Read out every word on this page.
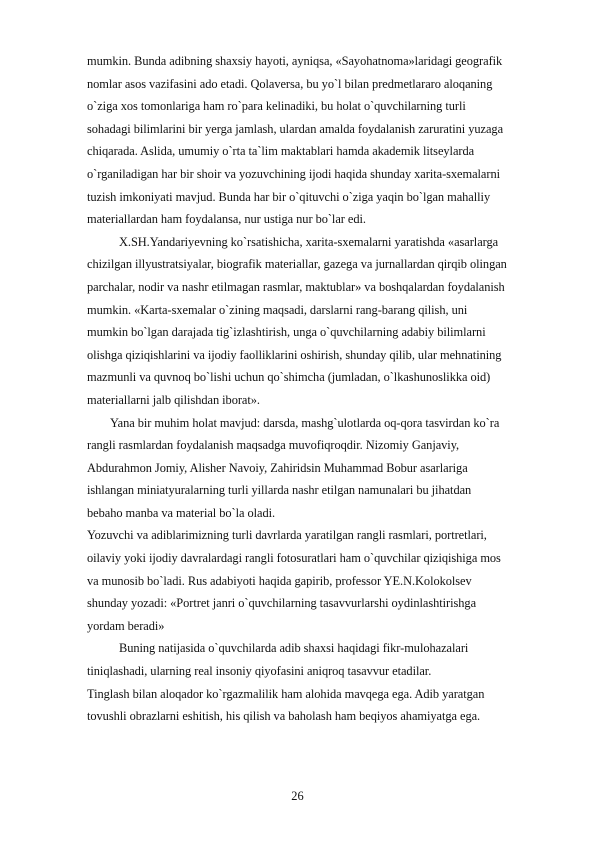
mumkin. Bunda adibning shaxsiy hayoti, ayniqsa, «Sayohatnoma»laridagi geografik
nomlar asos vazifasini ado etadi. Qolaversa, bu yo`l bilan predmetlararo aloqaning
o`ziga xos tomonlariga ham ro`para kelinadiki, bu holat o`quvchilarning turli
sohadagi bilimlarini bir yerga jamlash, ulardan amalda foydalanish zaruratini yuzaga
chiqarada. Aslida, umumiy o`rta ta`lim maktablari hamda akademik litseylarda
o`rganiladigan har bir shoir va yozuvchining ijodi haqida shunday xarita-sxemalarni
tuzish imkoniyati mavjud. Bunda har bir o`qituvchi o`ziga yaqin bo`lgan mahalliy
materiallardan ham foydalansa, nur ustiga nur bo`lar edi.
X.SH.Yandariyevning ko`rsatishicha, xarita-sxemalarni yaratishda «asarlarga
chizilgan illyustratsiyalar, biografik materiallar, gazega va jurnallardan qirqib olingan
parchalar, nodir va nashr etilmagan rasmlar, maktublar» va boshqalardan foydalanish
mumkin. «Karta-sxemalar o`zining maqsadi, darslarni rang-barang qilish, uni
mumkin bo`lgan darajada tig`izlashtirish, unga o`quvchilarning adabiy bilimlarni
olishga qiziqishlarini va ijodiy faolliklarini oshirish, shunday qilib, ular mehnatining
mazmunli va quvnoq bo`lishi uchun qo`shimcha (jumladan, o`lkashunoslikka oid)
materiallarni jalb qilishdan iborat».
Yana bir muhim holat mavjud: darsda, mashg`ulotlarda oq-qora tasvirdan ko`ra
rangli rasmlardan foydalanish maqsadga muvofiqroqdir. Nizomiy Ganjaviy,
Abdurahmon Jomiy, Alisher Navoiy, Zahiridsin Muhammad Bobur asarlariga
ishlangan miniatyuralarning turli yillarda nashr etilgan namunalari bu jihatdan
bebaho manba va material bo`la oladi.
Yozuvchi va adiblarimizning turli davrlarda yaratilgan rangli rasmlari, portretlari,
oilaviy yoki ijodiy davralardagi rangli fotosuratlari ham o`quvchilar qiziqishiga mos
va munosib bo`ladi. Rus adabiyoti haqida gapirib, professor YE.N.Kolokolsev
shunday yozadi: «Portret janri o`quvchilarning tasavvurlarshi oydinlashtirishga
yordam beradi»
Buning natijasida o`quvchilarda adib shaxsi haqidagi fikr-mulohazalari
tiniqlashadi, ularning real insoniy qiyofasini aniqroq tasavvur etadilar.
Tinglash bilan aloqador ko`rgazmalilik ham alohida mavqega ega. Adib yaratgan
tovushli obrazlarni eshitish, his qilish va baholash ham beqiyos ahamiyatga ega.
26
